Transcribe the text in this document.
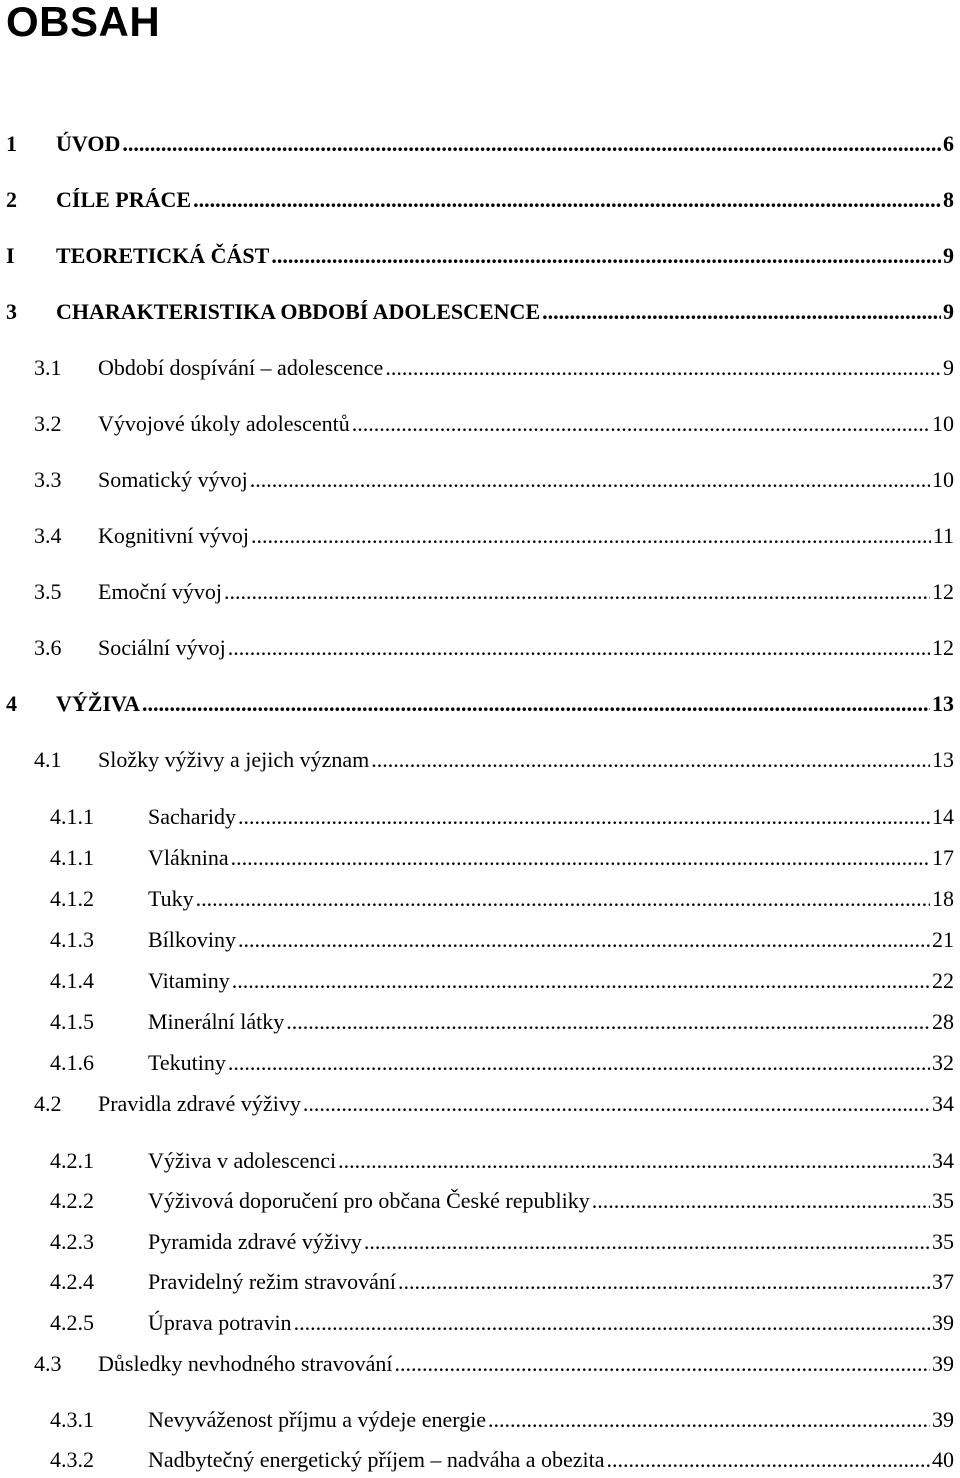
OBSAH
1	ÚVOD .....	6
2	CÍLE PRÁCE .....	8
I	TEORETICKÁ ČÁST .....	9
3	CHARAKTERISTIKA OBDOBÍ ADOLESCENCE .....	9
3.1	Období dospívání – adolescence .....	9
3.2	Vývojové úkoly adolescentů .....	10
3.3	Somatický vývoj .....	10
3.4	Kognitivní vývoj .....	11
3.5	Emoční vývoj .....	12
3.6	Sociální vývoj .....	12
4	VÝŽIVA .....	13
4.1	Složky výživy a jejich význam .....	13
4.1.1	Sacharidy .....	14
4.1.1	Vláknina .....	17
4.1.2	Tuky .....	18
4.1.3	Bílkoviny .....	21
4.1.4	Vitaminy .....	22
4.1.5	Minerální látky .....	28
4.1.6	Tekutiny .....	32
4.2	Pravidla zdravé výživy .....	34
4.2.1	Výživa v adolescenci .....	34
4.2.2	Výživová doporučení pro občana České republiky .....	35
4.2.3	Pyramida zdravé výživy .....	35
4.2.4	Pravidelný režim stravování .....	37
4.2.5	Úprava potravin .....	39
4.3	Důsledky nevhodného stravování .....	39
4.3.1	Nevyváženost příjmu a výdeje energie .....	39
4.3.2	Nadbytečný energetický příjem – nadváha a obezita .....	40
